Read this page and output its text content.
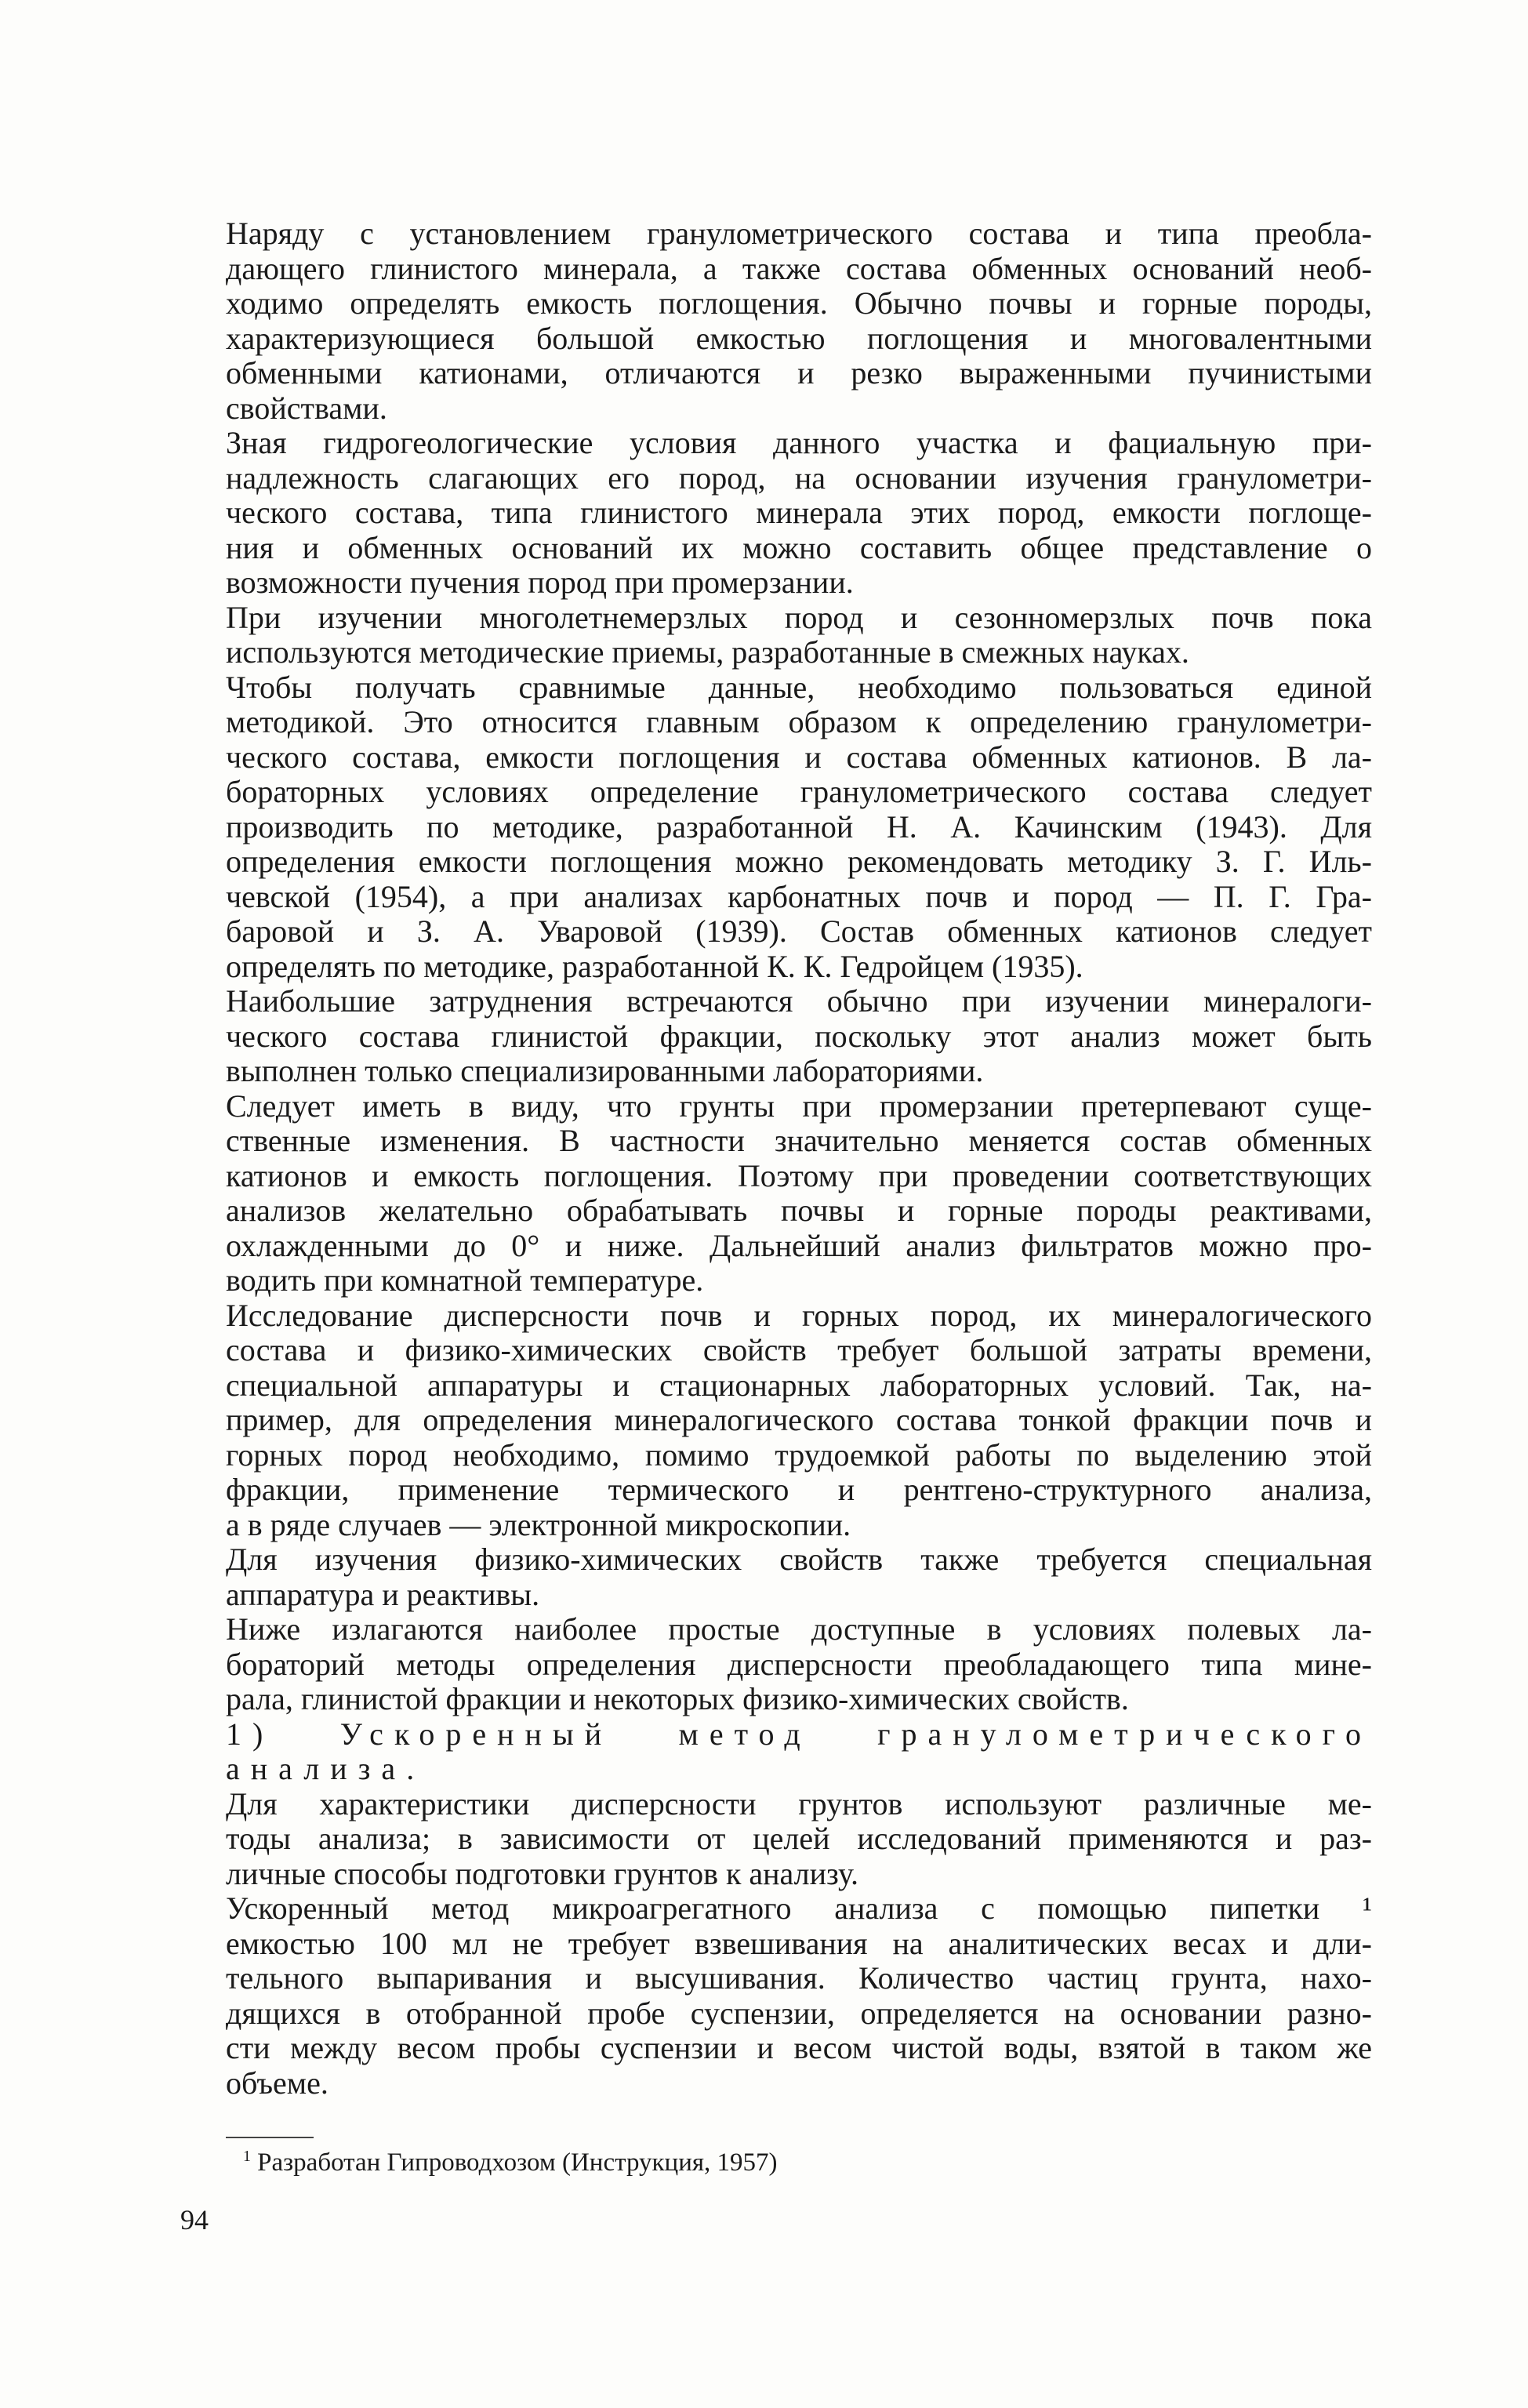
Наряду с установлением гранулометрического состава и типа преобла-
дающего глинистого минерала, а также состава обменных оснований необ-
ходимо определять емкость поглощения. Обычно почвы и горные породы,
характеризующиеся большой емкостью поглощения и многовалентными
обменными катионами, отличаются и резко выраженными пучинистыми
свойствами.
Зная гидрогеологические условия данного участка и фациальную при-
надлежность слагающих его пород, на основании изучения гранулометри-
ческого состава, типа глинистого минерала этих пород, емкости поглоще-
ния и обменных оснований их можно составить общее представление о
возможности пучения пород при промерзании.
При изучении многолетнемерзлых пород и сезонномерзлых почв пока
используются методические приемы, разработанные в смежных науках.
Чтобы получать сравнимые данные, необходимо пользоваться единой
методикой. Это относится главным образом к определению гранулометри-
ческого состава, емкости поглощения и состава обменных катионов. В ла-
бораторных условиях определение гранулометрического состава следует
производить по методике, разработанной Н. А. Качинским (1943). Для
определения емкости поглощения можно рекомендовать методику З. Г. Иль-
чевской (1954), а при анализах карбонатных почв и пород — П. Г. Гра-
баровой и З. А. Уваровой (1939). Состав обменных катионов следует
определять по методике, разработанной К. К. Гедройцем (1935).
Наибольшие затруднения встречаются обычно при изучении минералоги-
ческого состава глинистой фракции, поскольку этот анализ может быть
выполнен только специализированными лабораториями.
Следует иметь в виду, что грунты при промерзании претерпевают суще-
ственные изменения. В частности значительно меняется состав обменных
катионов и емкость поглощения. Поэтому при проведении соответствующих
анализов желательно обрабатывать почвы и горные породы реактивами,
охлажденными до 0° и ниже. Дальнейший анализ фильтратов можно про-
водить при комнатной температуре.
Исследование дисперсности почв и горных пород, их минералогического
состава и физико-химических свойств требует большой затраты времени,
специальной аппаратуры и стационарных лабораторных условий. Так, на-
пример, для определения минералогического состава тонкой фракции почв и
горных пород необходимо, помимо трудоемкой работы по выделению этой
фракции, применение термического и рентгено-структурного анализа,
а в ряде случаев — электронной микроскопии.
Для изучения физико-химических свойств также требуется специальная
аппаратура и реактивы.
Ниже излагаются наиболее простые доступные в условиях полевых ла-
бораторий методы определения дисперсности преобладающего типа мине-
рала, глинистой фракции и некоторых физико-химических свойств.
1) Ускоренный метод гранулометрического
анализа.
Для характеристики дисперсности грунтов используют различные ме-
тоды анализа; в зависимости от целей исследований применяются и раз-
личные способы подготовки грунтов к анализу.
Ускоренный метод микроагрегатного анализа с помощью пипетки ¹
емкостью 100 мл не требует взвешивания на аналитических весах и дли-
тельного выпаривания и высушивания. Количество частиц грунта, нахо-
дящихся в отобранной пробе суспензии, определяется на основании разно-
сти между весом пробы суспензии и весом чистой воды, взятой в таком же
объеме.
$^1$ Разработан Гипроводхозом (Инструкция, 1957)
94
